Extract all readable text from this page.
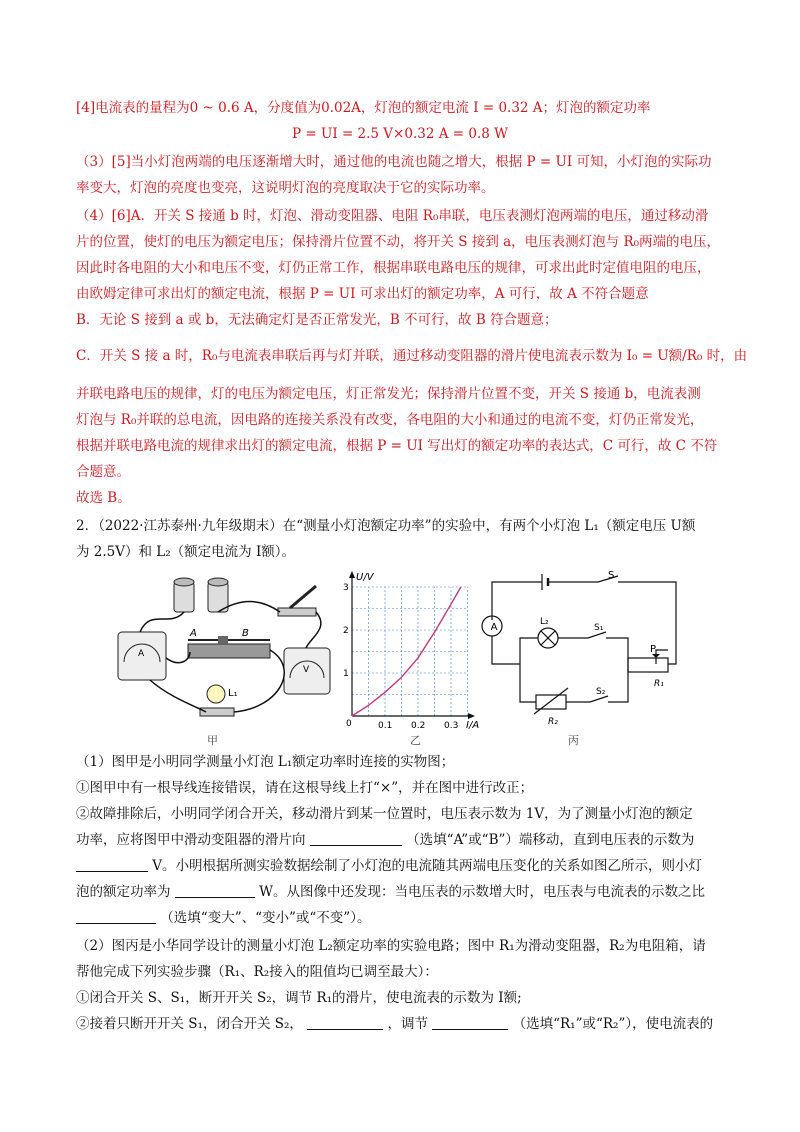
[4]电流表的量程为0 ~ 0.6 A，分度值为0.02A，灯泡的额定电流 I = 0.32 A；灯泡的额定功率
P = UI = 2.5 V×0.32 A = 0.8 W
（3）[5]当小灯泡两端的电压逐渐增大时，通过他的电流也随之增大，根据 P = UI 可知，小灯泡的实际功
率变大，灯泡的亮度也变亮，这说明灯泡的亮度取决于它的实际功率。
（4）[6]A．开关 S 接通 b 时，灯泡、滑动变阻器、电阻 R₀串联，电压表测灯泡两端的电压，通过移动滑
片的位置，使灯的电压为额定电压；保持滑片位置不动，将开关 S 接到 a，电压表测灯泡与 R₀两端的电压，
因此时各电阻的大小和电压不变，灯仍正常工作，根据串联电路电压的规律，可求出此时定值电阻的电压，
由欧姆定律可求出灯的额定电流，根据 P = UI 可求出灯的额定功率，A 可行，故 A 不符合题意
B．无论 S 接到 a 或 b，无法确定灯是否正常发光，B 不可行，故 B 符合题意；
C．开关 S 接 a 时，R₀与电流表串联后再与灯并联，通过移动变阻器的滑片使电流表示数为 I₀ = U额/R₀ 时，由
并联电路电压的规律，灯的电压为额定电压，灯正常发光；保持滑片位置不变，开关 S 接通 b，电流表测
灯泡与 R₀并联的总电流，因电路的连接关系没有改变，各电阻的大小和通过的电流不变，灯仍正常发光，
根据并联电路电流的规律求出灯的额定电流，根据 P = UI 写出灯的额定功率的表达式，C 可行，故 C 不符
合题意。
故选 B。
2．（2022·江苏泰州·九年级期末）在“测量小灯泡额定功率”的实验中，有两个小灯泡 L₁（额定电压 U额
为 2.5V）和 L₂（额定电流为 I额）。
A
A	B
V
L₁
甲
0.1 0.2 0.3
1
2
3
U/V
I/A
0
乙
A
S
L₂
S₁
S₂
P
R₁
R₂
丙
（1）图甲是小明同学测量小灯泡 L₁额定功率时连接的实物图；
①图甲中有一根导线连接错误，请在这根导线上打“×”，并在图中进行改正；
②故障排除后，小明同学闭合开关，移动滑片到某一位置时，电压表示数为 1V，为了测量小灯泡的额定
功率，应将图甲中滑动变阻器的滑片向	（选填“A”或“B”）端移动，直到电压表的示数为
V。小明根据所测实验数据绘制了小灯泡的电流随其两端电压变化的关系如图乙所示，则小灯
泡的额定功率为	W。从图像中还发现：当电压表的示数增大时，电压表与电流表的示数之比
（选填“变大”、“变小”或“不变”）。
（2）图丙是小华同学设计的测量小灯泡 L₂额定功率的实验电路；图中 R₁为滑动变阻器，R₂为电阻箱，请
帮他完成下列实验步骤（R₁、R₂接入的阻值均已调至最大）：
①闭合开关 S、S₁，断开开关 S₂，调节 R₁的滑片，使电流表的示数为 I额;
②接着只断开开关 S₁，闭合开关 S₂，	，调节	（选填“R₁”或“R₂”），使电流表的
